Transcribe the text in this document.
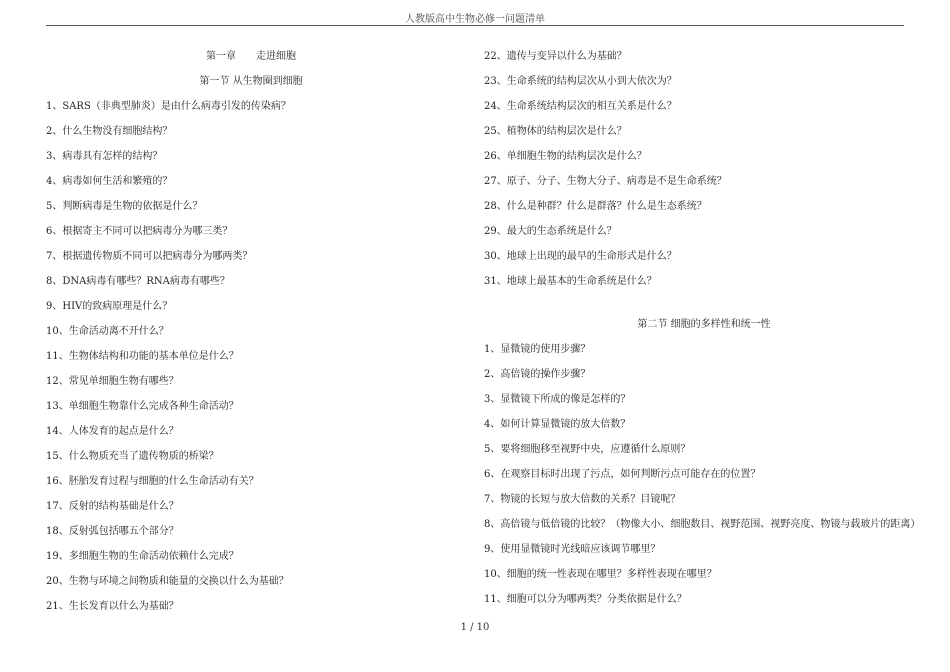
人教版高中生物必修一问题清单
第一章　　走进细胞
第一节 从生物圈到细胞
1、SARS（非典型肺炎）是由什么病毒引发的传染病？
2、什么生物没有细胞结构？
3、病毒具有怎样的结构？
4、病毒如何生活和繁殖的？
5、判断病毒是生物的依据是什么？
6、根据寄主不同可以把病毒分为哪三类？
7、根据遗传物质不同可以把病毒分为哪两类？
8、DNA病毒有哪些？RNA病毒有哪些？
9、HIV的致病原理是什么？
10、生命活动离不开什么？
11、生物体结构和功能的基本单位是什么？
12、常见单细胞生物有哪些？
13、单细胞生物靠什么完成各种生命活动？
14、人体发育的起点是什么？
15、什么物质充当了遗传物质的桥梁？
16、胚胎发育过程与细胞的什么生命活动有关？
17、反射的结构基础是什么？
18、反射弧包括哪五个部分？
19、多细胞生物的生命活动依赖什么完成？
20、生物与环境之间物质和能量的交换以什么为基础？
21、生长发育以什么为基础？
22、遗传与变异以什么为基础？
23、生命系统的结构层次从小到大依次为？
24、生命系统结构层次的相互关系是什么？
25、植物体的结构层次是什么？
26、单细胞生物的结构层次是什么？
27、原子、分子、生物大分子、病毒是不是生命系统？
28、什么是种群？什么是群落？什么是生态系统？
29、最大的生态系统是什么？
30、地球上出现的最早的生命形式是什么？
31、地球上最基本的生命系统是什么？
第二节 细胞的多样性和统一性
1、显微镜的使用步骤？
2、高倍镜的操作步骤？
3、显微镜下所成的像是怎样的？
4、如何计算显微镜的放大倍数？
5、要将细胞移至视野中央，应遵循什么原则？
6、在观察目标时出现了污点，如何判断污点可能存在的位置？
7、物镜的长短与放大倍数的关系？目镜呢？
8、高倍镜与低倍镜的比较？（物像大小、细胞数目、视野范围、视野亮度、物镜与载玻片的距离）
9、使用显微镜时光线暗应该调节哪里？
10、细胞的统一性表现在哪里？多样性表现在哪里？
11、细胞可以分为哪两类？分类依据是什么？
1 / 10
